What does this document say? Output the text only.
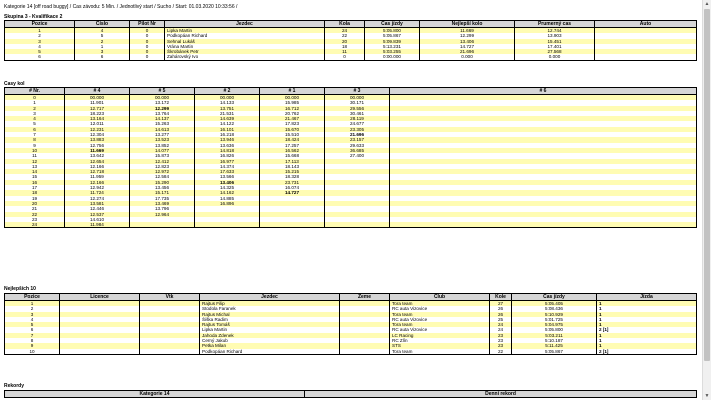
Kategorie 14 [off road buggy] / Cas závodu: 5 Min. / Jednotlivý start / Sucho / Start: 01.03.2020 10:33:56 /
Skupina 3 - Kvalifikace 2
Pozice	Císlo	Pilot Nr	Jezdec	Kola	Cas jízdy	Nejlepší kolo	Prumerný cas	Auto
1	4	0	Lipka Martin	24	5:05.800	11.669	12.744	
2	5	0	Podkopáan Richard	22	5:05.867	12.299	13.903	
3	2	0	Sehnal Lukáš	20	5:09.839	13.406	15.451	
4	1	0	Vrána Martin	18	5:13.231	14.727	17.401	
5	3	0	Škrobánek Petr	11	5:03.255	21.696	27.568	
6	6	0	Zahárovský Ivo	0	0:00.000	0.000	0.000	
Casy kol
# Nr.	# 4	# 5	# 2	# 1	# 3	# 6
0	00.000	00.000	00.000	00.000	00.000	
1	11.901	13.172	14.133	15.985	30.171	
2	12.717	12.299	13.751	16.712	29.556	
3	18.223	13.764	21.531	20.762	30.461	
4	13.164	14.137	14.639	21.467	28.119	
5	12.011	15.263	14.122	17.823	24.677	
6	12.231	14.613	16.101	15.670	23.305	
7	12.304	13.277	16.218	15.510	21.696	
8	13.883	13.523	13.946	18.424	23.157	
9	12.756	13.852	13.636	17.257	29.633	
10	11.669	14.077	14.818	16.562	36.685	
11	13.642	15.873	16.826	15.668	27.400	
12	12.654	12.412	16.977	17.113		
13	12.166	12.823	14.374	18.143		
14	12.718	12.972	17.633	15.215		
15	11.959	12.584	13.566	18.328		
16	12.166	15.290	13.406	23.731		
17	12.942	13.456	14.325	16.074		
18	11.724	15.171	14.162	14.727		
19	12.274	17.735	14.885			
20	13.581	13.469	16.896			
21	12.446	13.796				
22	12.537	12.964				
23	14.610					
24	11.984					
Nejlepších 10
Pozice	Licence	Vtk	Jezdec	Zeme	Club	Kole	Cas jízdy	Jízda
1			Rajtus Filip		Tora team	27	5:05.405	1
2			Stodola Faranek		RC auta Vizovice	26	5:08.436	1
3			Rajtus Michal		Tora team	26	5:10.929	1
4			Šiška Radim		RC auta Vizovice	25	5:01.725	1
5			Rajtus Tomáš		Tora team	24	5:04.975	1
6			Lipka Martin		RC auta Vizovice	24	5:05.800	2 [1]
7			Jahoda Zdenek		LC Racing	23	5:03.211	1
8			Cerný Jakub		RC Zlín	23	5:10.187	1
9			Petka Milan		STS	23	5:11.425	1
10			Podkopáan Richard		Tora team	22	5:05.867	2 [1]
Rekordy
Kategorie 14	Denní rekord
▲
▼
